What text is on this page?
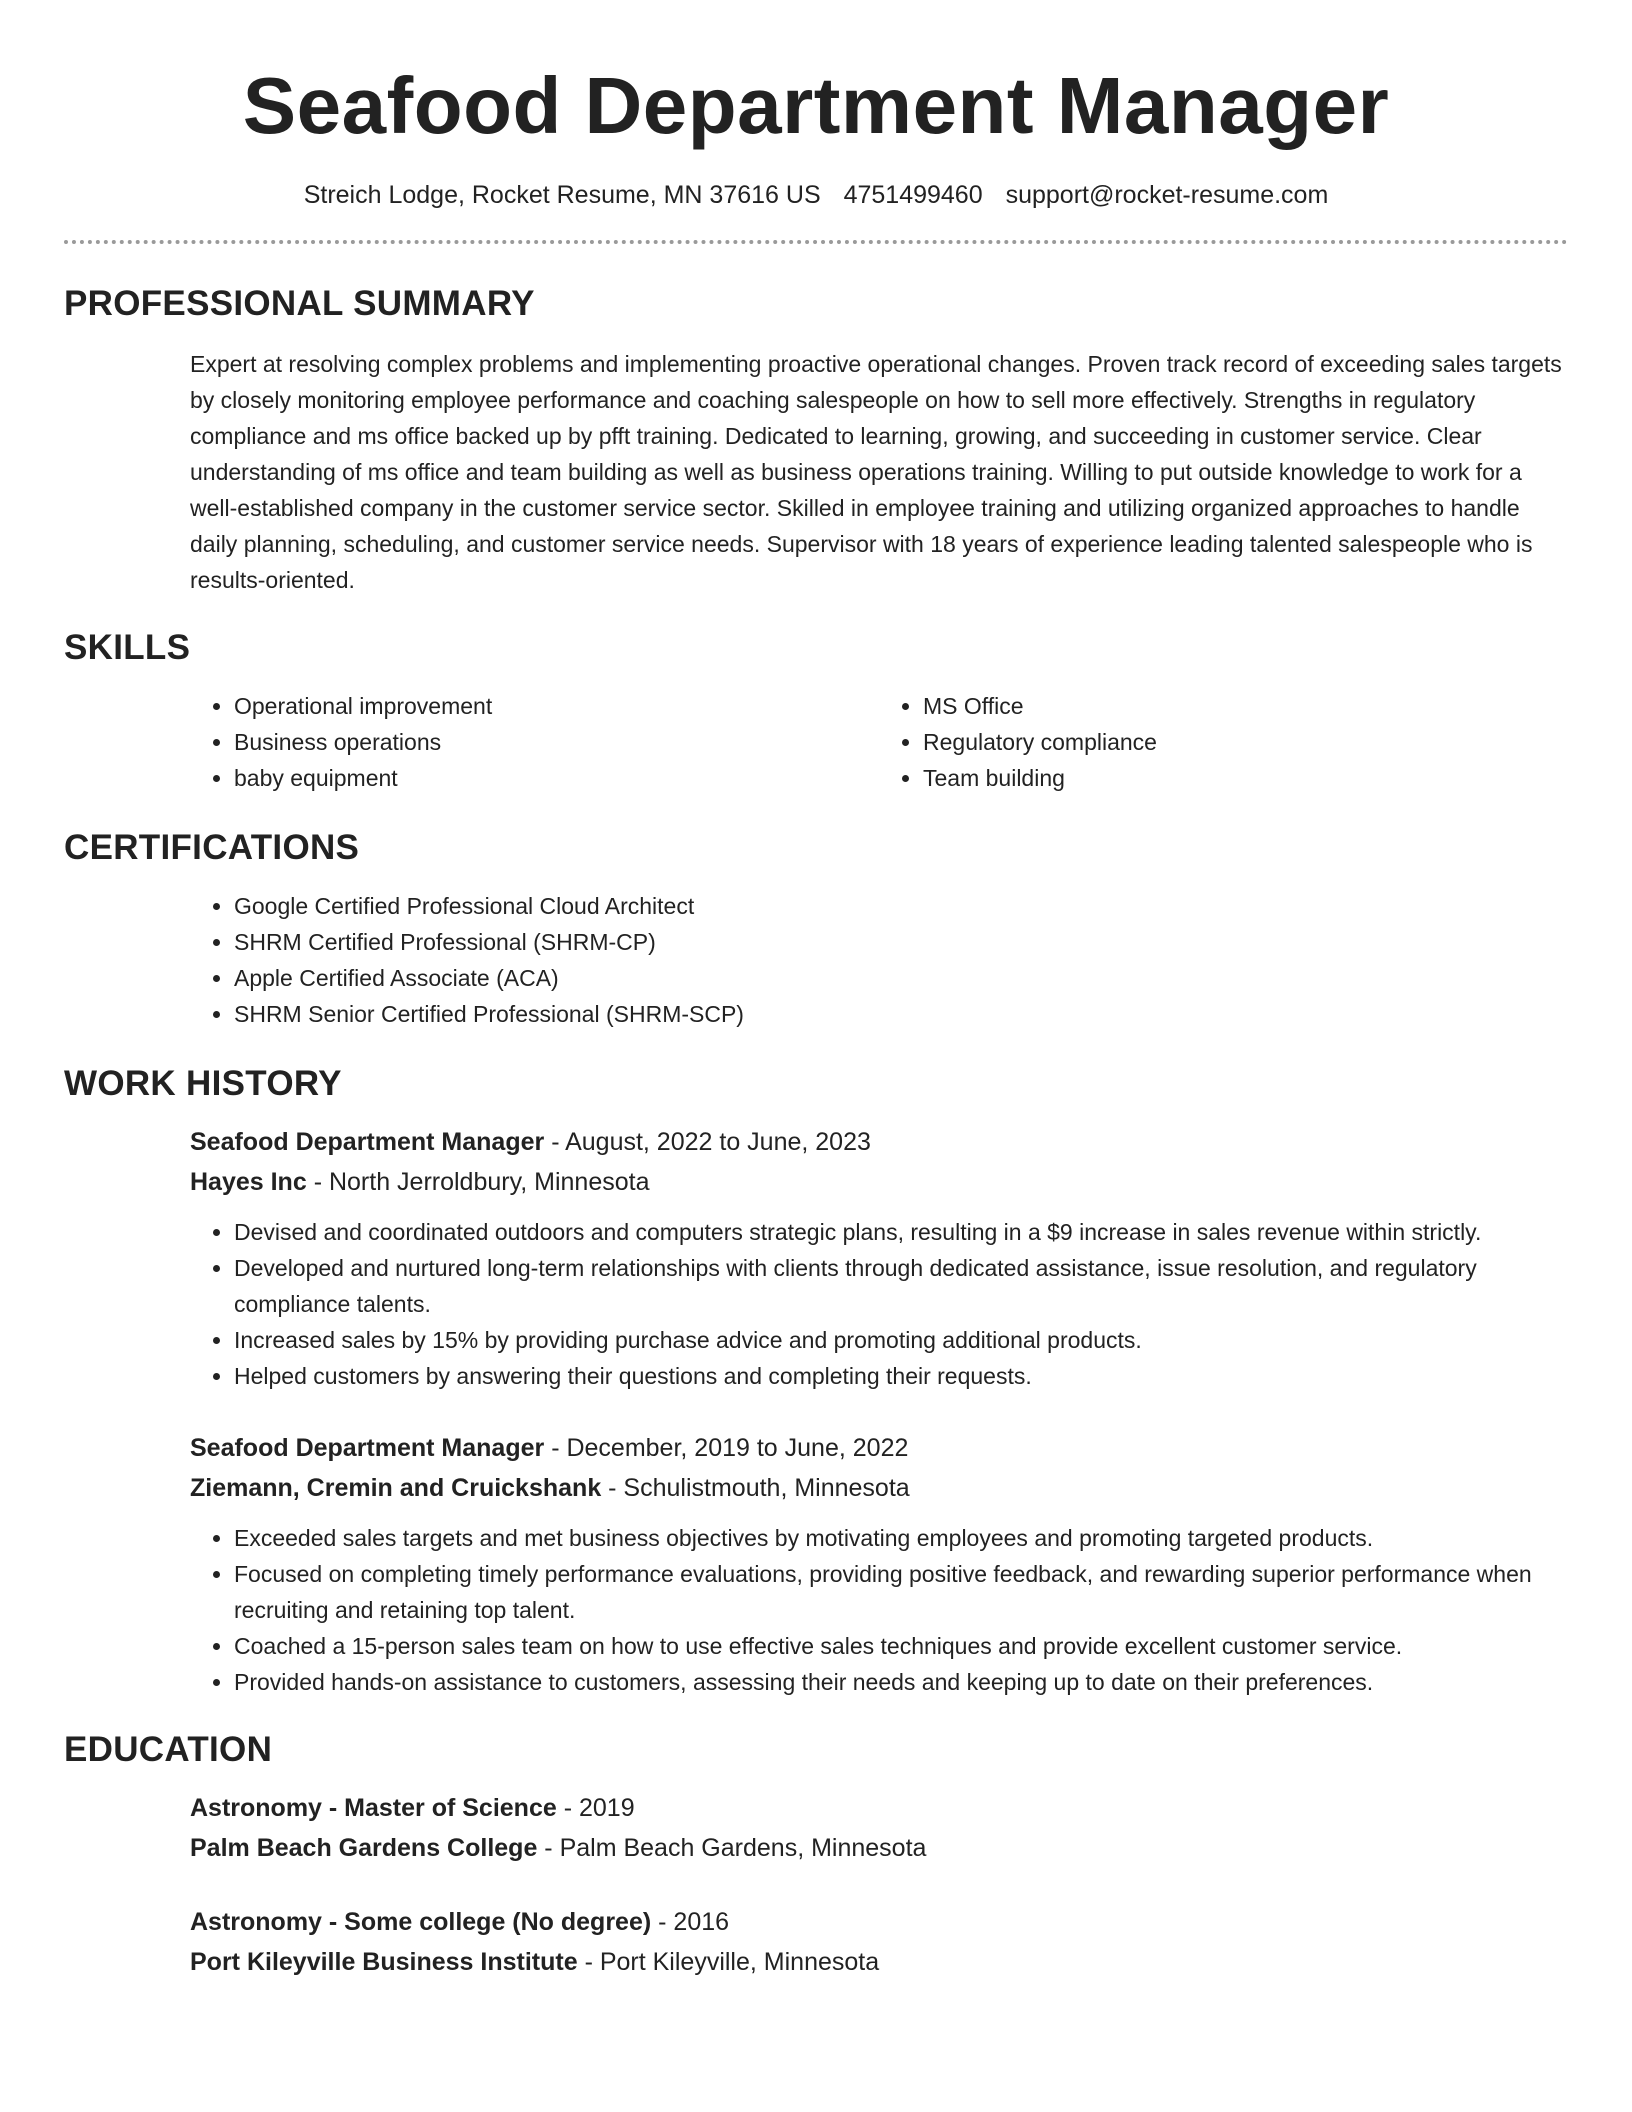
Seafood Department Manager
Streich Lodge, Rocket Resume, MN 37616 US 4751499460 support@rocket-resume.com
PROFESSIONAL SUMMARY

Expert at resolving complex problems and implementing proactive operational changes. Proven track record of exceeding sales targets by closely monitoring employee performance and coaching salespeople on how to sell more effectively. Strengths in regulatory compliance and ms office backed up by pfft training. Dedicated to learning, growing, and succeeding in customer service. Clear understanding of ms office and team building as well as business operations training. Willing to put outside knowledge to work for a well-established company in the customer service sector. Skilled in employee training and utilizing organized approaches to handle daily planning, scheduling, and customer service needs. Supervisor with 18 years of experience leading talented salespeople who is results-oriented.

SKILLS
• Operational improvement
• Business operations
• baby equipment
• MS Office
• Regulatory compliance
• Team building
CERTIFICATIONS
• Google Certified Professional Cloud Architect
• SHRM Certified Professional (SHRM-CP)
• Apple Certified Associate (ACA)
• SHRM Senior Certified Professional (SHRM-SCP)
WORK HISTORY
Seafood Department Manager - August, 2022 to June, 2023
Hayes Inc - North Jerroldbury, Minnesota
• Devised and coordinated outdoors and computers strategic plans, resulting in a $9 increase in sales revenue within strictly.
• Developed and nurtured long-term relationships with clients through dedicated assistance, issue resolution, and regulatory compliance talents.
• Increased sales by 15% by providing purchase advice and promoting additional products.
• Helped customers by answering their questions and completing their requests.
Seafood Department Manager - December, 2019 to June, 2022
Ziemann, Cremin and Cruickshank - Schulistmouth, Minnesota
• Exceeded sales targets and met business objectives by motivating employees and promoting targeted products.
• Focused on completing timely performance evaluations, providing positive feedback, and rewarding superior performance when recruiting and retaining top talent.
• Coached a 15-person sales team on how to use effective sales techniques and provide excellent customer service.
• Provided hands-on assistance to customers, assessing their needs and keeping up to date on their preferences.
EDUCATION
Astronomy - Master of Science - 2019
Palm Beach Gardens College - Palm Beach Gardens, Minnesota
Astronomy - Some college (No degree) - 2016
Port Kileyville Business Institute - Port Kileyville, Minnesota
